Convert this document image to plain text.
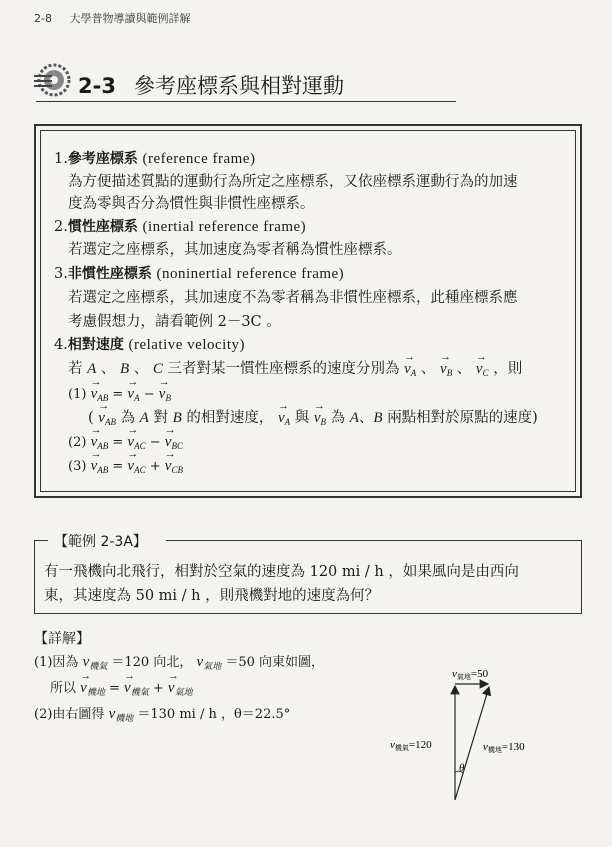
2-8 大學普物導讀與範例詳解
2-3 參考座標系與相對運動
1.參考座標系 (reference frame)
為方便描述質點的運動行為所定之座標系，又依座標系運動行為的加速
度為零與否分為慣性與非慣性座標系。
2.慣性座標系 (inertial reference frame)
若選定之座標系，其加速度為零者稱為慣性座標系。
3.非慣性座標系 (noninertial reference frame)
若選定之座標系，其加速度不為零者稱為非慣性座標系，此種座標系應
考慮假想力，請看範例 2－3C 。
4.相對速度 (relative velocity)
若 A 、 B 、 C 三者對某一慣性座標系的速度分別為 → $v_A$ 、 → $v_B$ 、 → $v_C$ ，則
$(1) \to v_{AB}$ = → $v_A$ − → $v_B$
( → $v_{AB}$ 為 A 對 B 的相對速度， → $v_A$ 與 → $v_B$ 為 A、B 兩點相對於原點的速度)
$(2) \to v_{AB}$ = → $v_{AC}$ − → $v_{BC}$
$(3) \to v_{AB}$ = → $v_{AC}$ + → $v_{CB}$
【範例 2-3A】
有一飛機向北飛行，相對於空氣的速度為 120 mi / h ，如果風向是由西向
東，其速度為 50 mi / h ，則飛機對地的速度為何？
【詳解】
(1)因為 $v_{機氣} =120$ 向北， $v_{氣地} =50$ 向東如圖，
所以 → $v_{機地}$ = → $v_{機氣}$ + → $v_{氣地}$
(2)由右圖得 $v_{機地} =130$ mi / h ，θ＝22.5°
v氣地=50
v機氣=120	v機地=130
θ
